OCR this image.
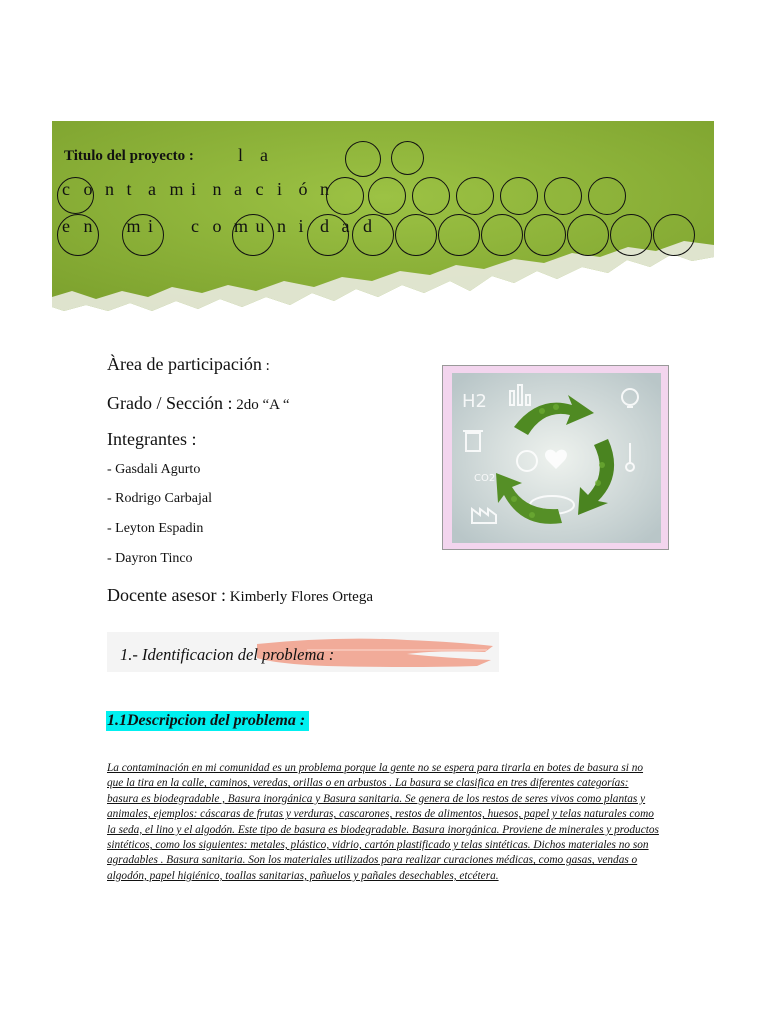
Titulo del proyecto : l a
c o n t a m i n a c i ó n
e n m i c o m u n i d a d
Àrea de participación :
Grado / Sección : 2do “A “
Integrantes :
- Gasdali Agurto
- Rodrigo Carbajal
- Leyton Espadin
- Dayron Tinco
Docente asesor : Kimberly Flores Ortega
H2
CO2
1.- Identificacion del problema :
1.1Descripcion del problema :
La contaminación en mi comunidad es un problema porque la gente no se espera para tirarla en botes de basura si no que la tira en la calle, caminos, veredas, orillas o en arbustos . La basura se clasifica en tres diferentes categorías: basura es biodegradable , Basura inorgánica y Basura sanitaria. Se genera de los restos de seres vivos como plantas y animales, ejemplos: cáscaras de frutas y verduras, cascarones, restos de alimentos, huesos, papel y telas naturales como la seda, el lino y el algodón. Este tipo de basura es biodegradable. Basura inorgánica. Proviene de minerales y productos sintéticos, como los siguientes: metales, plástico, vidrio, cartón plastificado y telas sintéticas. Dichos materiales no son agradables . Basura sanitaria. Son los materiales utilizados para realizar curaciones médicas, como gasas, vendas o algodón, papel higiénico, toallas sanitarias, pañuelos y pañales desechables, etcétera.
